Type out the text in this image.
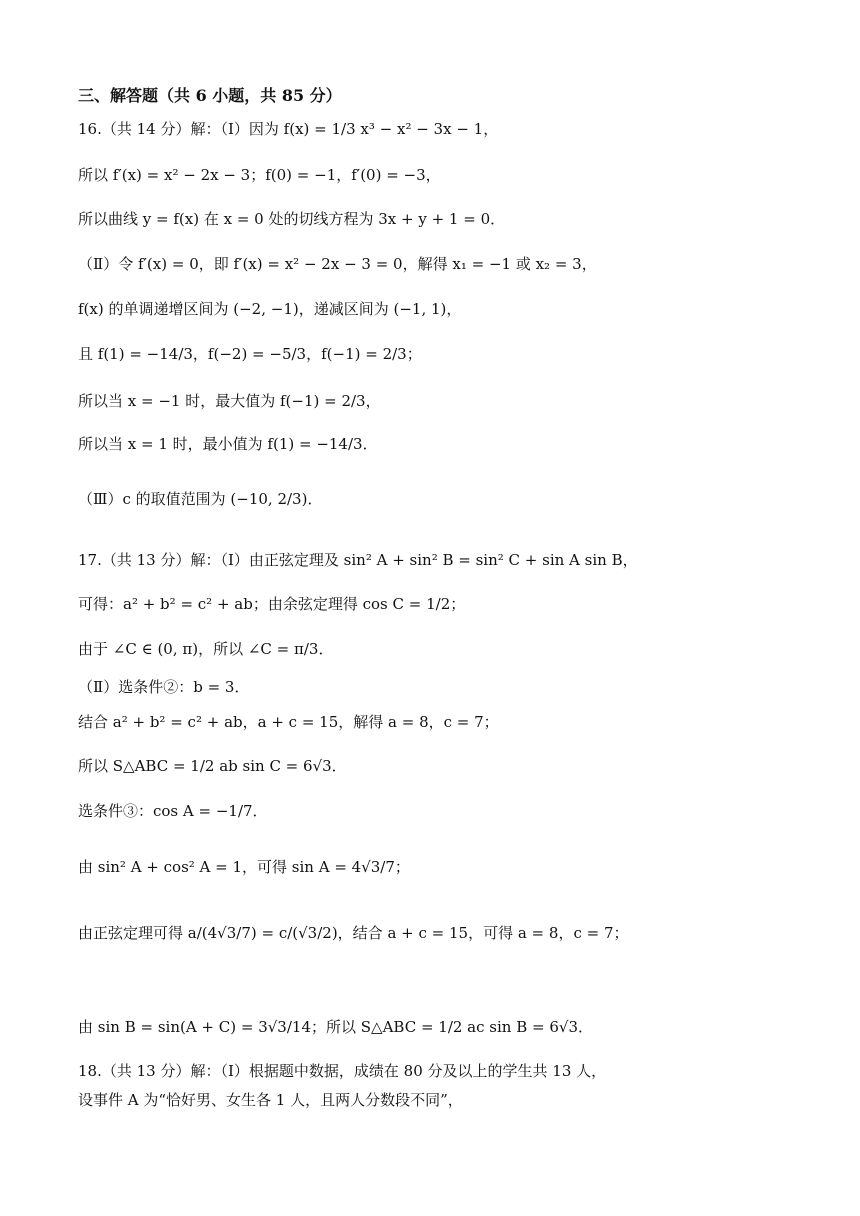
三、解答题（共 6 小题，共 85 分）
16.（共 14 分）解：（Ⅰ）因为 f(x) = 1/3 x³ − x² − 3x − 1，
所以 f′(x) = x² − 2x − 3；f(0) = −1，f′(0) = −3，
所以曲线 y = f(x) 在 x = 0 处的切线方程为 3x + y + 1 = 0．
（Ⅱ）令 f′(x) = 0，即 f′(x) = x² − 2x − 3 = 0，解得 x₁ = −1 或 x₂ = 3，
f(x) 的单调递增区间为 (−2, −1)，递减区间为 (−1, 1)，
且 f(1) = −14/3，f(−2) = −5/3，f(−1) = 2/3；
所以当 x = −1 时，最大值为 f(−1) = 2/3，
所以当 x = 1 时，最小值为 f(1) = −14/3．
（Ⅲ）c 的取值范围为 (−10, 2/3)．
17.（共 13 分）解：（Ⅰ）由正弦定理及 sin² A + sin² B = sin² C + sin A sin B，
可得：a² + b² = c² + ab；由余弦定理得 cos C = 1/2；
由于 ∠C ∈ (0, π)，所以 ∠C = π/3．
（Ⅱ）选条件②：b = 3．
结合 a² + b² = c² + ab，a + c = 15，解得 a = 8，c = 7；
所以 S△ABC = 1/2 ab sin C = 6√3．
选条件③：cos A = −1/7．
由 sin² A + cos² A = 1，可得 sin A = 4√3/7；
由正弦定理可得 a/(4√3/7) = c/(√3/2)，结合 a + c = 15，可得 a = 8，c = 7；
由 sin B = sin(A + C) = 3√3/14；所以 S△ABC = 1/2 ac sin B = 6√3．
18.（共 13 分）解：（Ⅰ）根据题中数据，成绩在 80 分及以上的学生共 13 人，
设事件 A 为“恰好男、女生各 1 人，且两人分数段不同”，
